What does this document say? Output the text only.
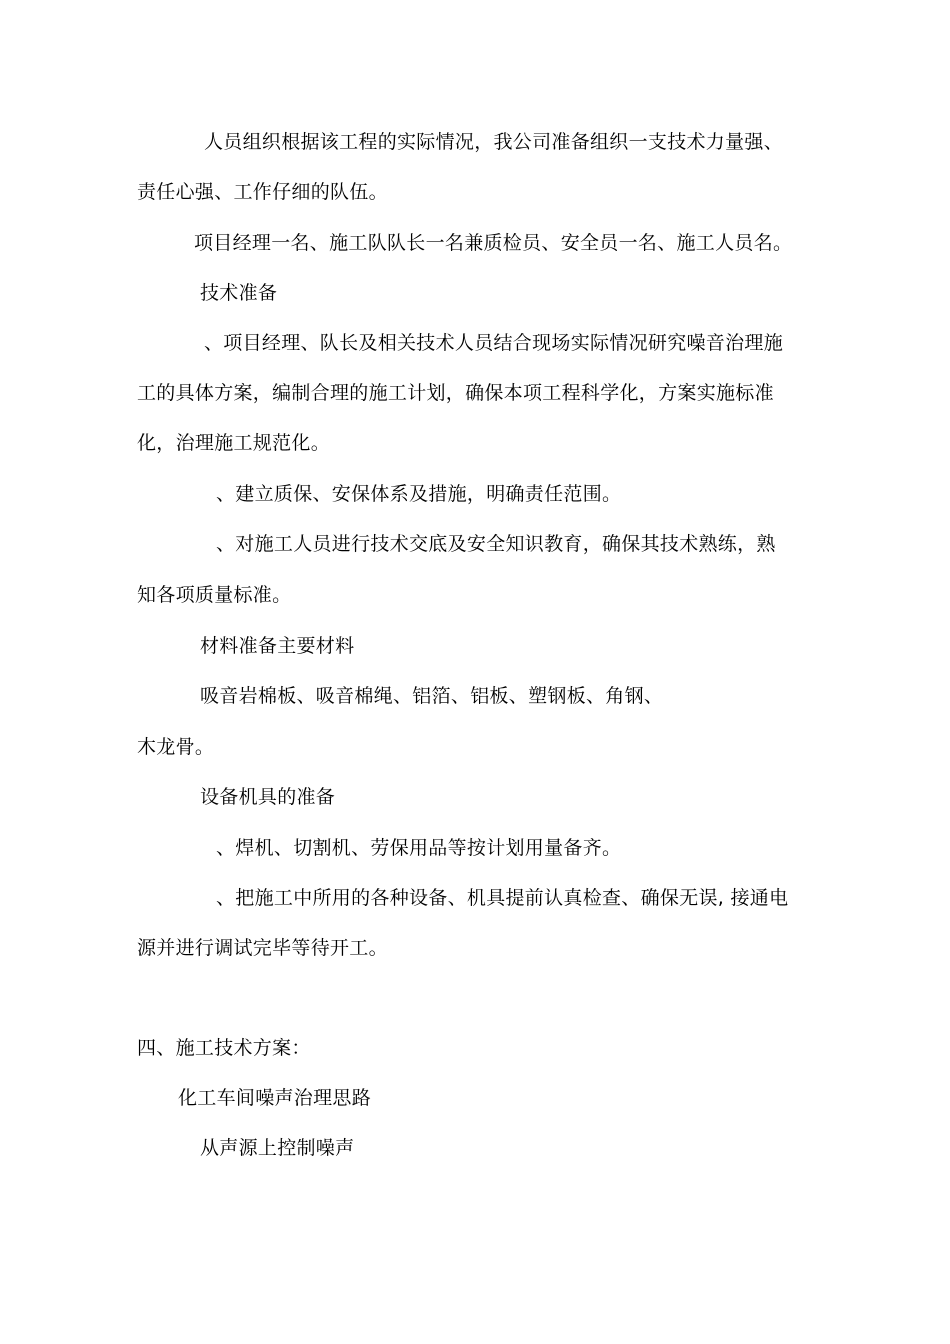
人员组织根据该工程的实际情况，我公司准备组织一支技术力量强、
责任心强、工作仔细的队伍。
项目经理一名、施工队队长一名兼质检员、安全员一名、施工人员名。
技术准备
、项目经理、队长及相关技术人员结合现场实际情况研究噪音治理施
工的具体方案，编制合理的施工计划，确保本项工程科学化，方案实施标准
化，治理施工规范化。
、建立质保、安保体系及措施，明确责任范围。
、对施工人员进行技术交底及安全知识教育，确保其技术熟练，熟
知各项质量标准。
材料准备主要材料
吸音岩棉板、吸音棉绳、铝箔、铝板、塑钢板、角钢、
木龙骨。
设备机具的准备
、焊机、切割机、劳保用品等按计划用量备齐。
、把施工中所用的各种设备、机具提前认真检查、确保无误, 接通电
源并进行调试完毕等待开工。
四、施工技术方案：
化工车间噪声治理思路
从声源上控制噪声
